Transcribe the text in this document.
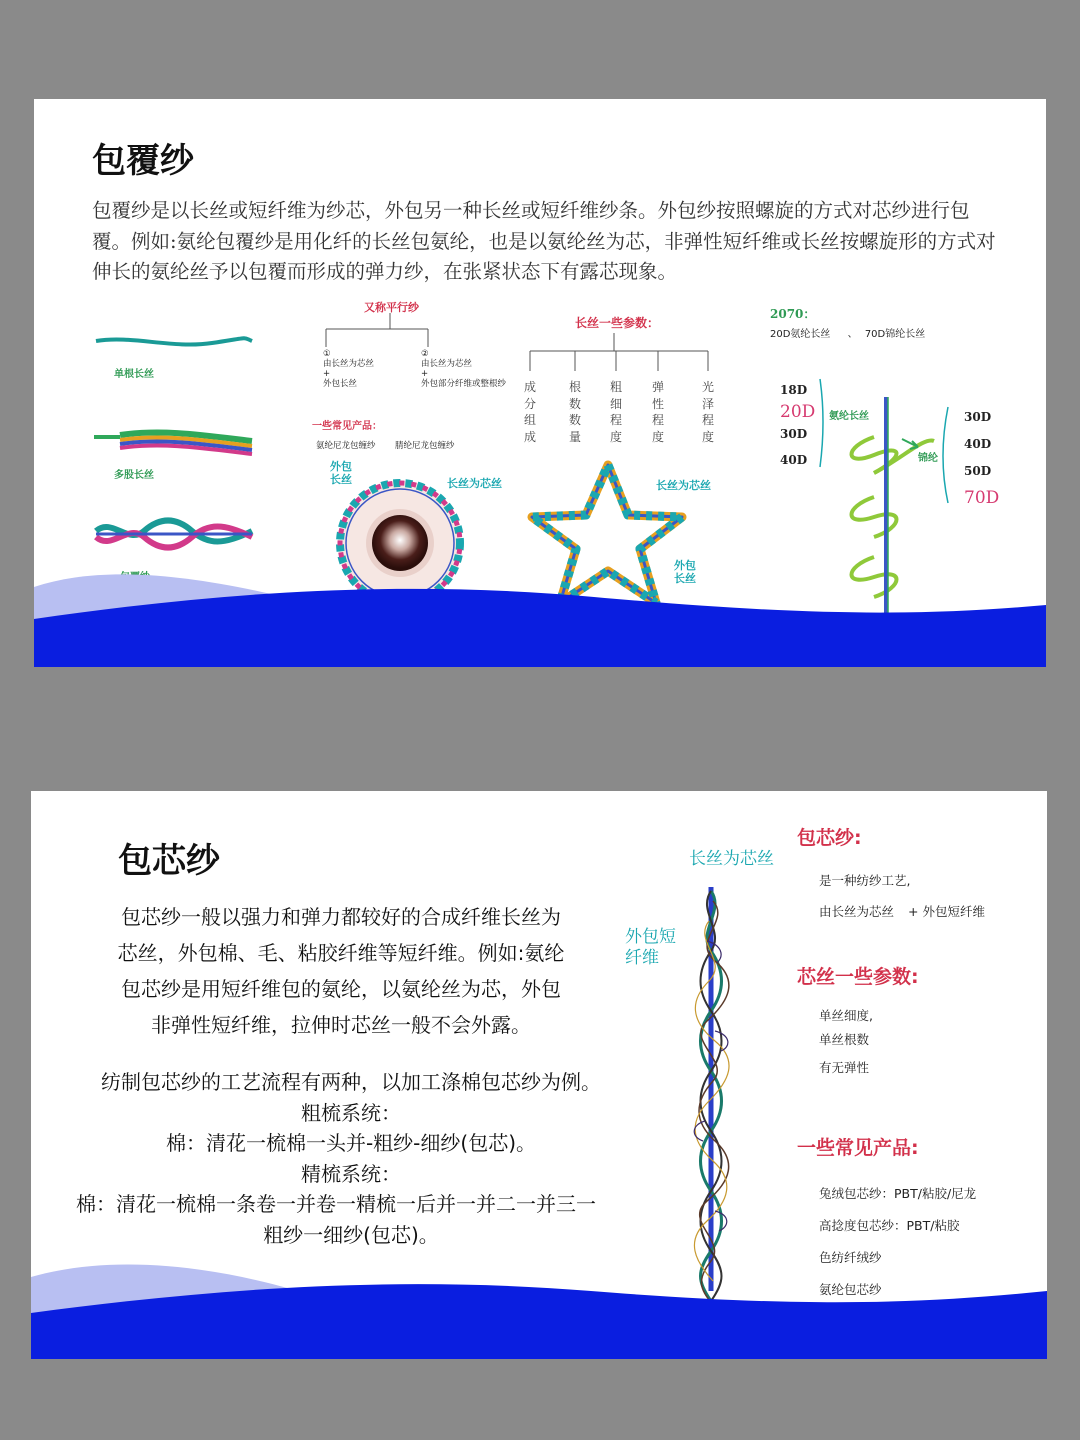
包覆纱
包覆纱是以长丝或短纤维为纱芯，外包另一种长丝或短纤维纱条。外包纱按照螺旋的方式对芯纱进行包覆。例如:氨纶包覆纱是用化纤的长丝包氨纶，也是以氨纶丝为芯，非弹性短纤维或长丝按螺旋形的方式对伸长的氨纶丝予以包覆而形成的弹力纱，在张紧状态下有露芯现象。
单根长丝
多股长丝
又称平行纱
①
由长丝为芯丝
+
外包长丝
②
由长丝为芯丝
+
外包部分纤维或整根纱
一些常见产品：
氨纶尼龙包缠纱 腈纶尼龙包缠纱
外包长丝	长丝为芯丝
长丝一些参数：
成分组成
根数数量
粗细程度
弹性程度
光泽程度
长丝为芯丝
外包长丝
2070：
20D氨纶长丝 、 70D锦纶长丝
18D
20D
30D
40D
30D
40D
50D
70D
氨纶长丝
锦纶
包芯纱
包芯纱一般以强力和弹力都较好的合成纤维长丝为
芯丝，外包棉、毛、粘胶纤维等短纤维。例如:氨纶
包芯纱是用短纤维包的氨纶，以氨纶丝为芯，外包
非弹性短纤维，拉伸时芯丝一般不会外露。
纺制包芯纱的工艺流程有两种，以加工涤棉包芯纱为例。
粗梳系统：
棉：清花一梳棉一头并-粗纱-细纱(包芯)。
精梳系统：
棉：清花一梳棉一条卷一并卷一精梳一后并一并二一并三一
粗纱一细纱(包芯)。
长丝为芯丝
外包短纤维
包芯纱:
是一种纺纱工艺,
由长丝为芯丝 + 外包短纤维
芯丝一些参数:
单丝细度,
单丝根数
有无弹性
一些常见产品:
兔绒包芯纱：PBT/粘胶/尼龙
高捻度包芯纱：PBT/粘胶
色纺纤绒纱
氨纶包芯纱
